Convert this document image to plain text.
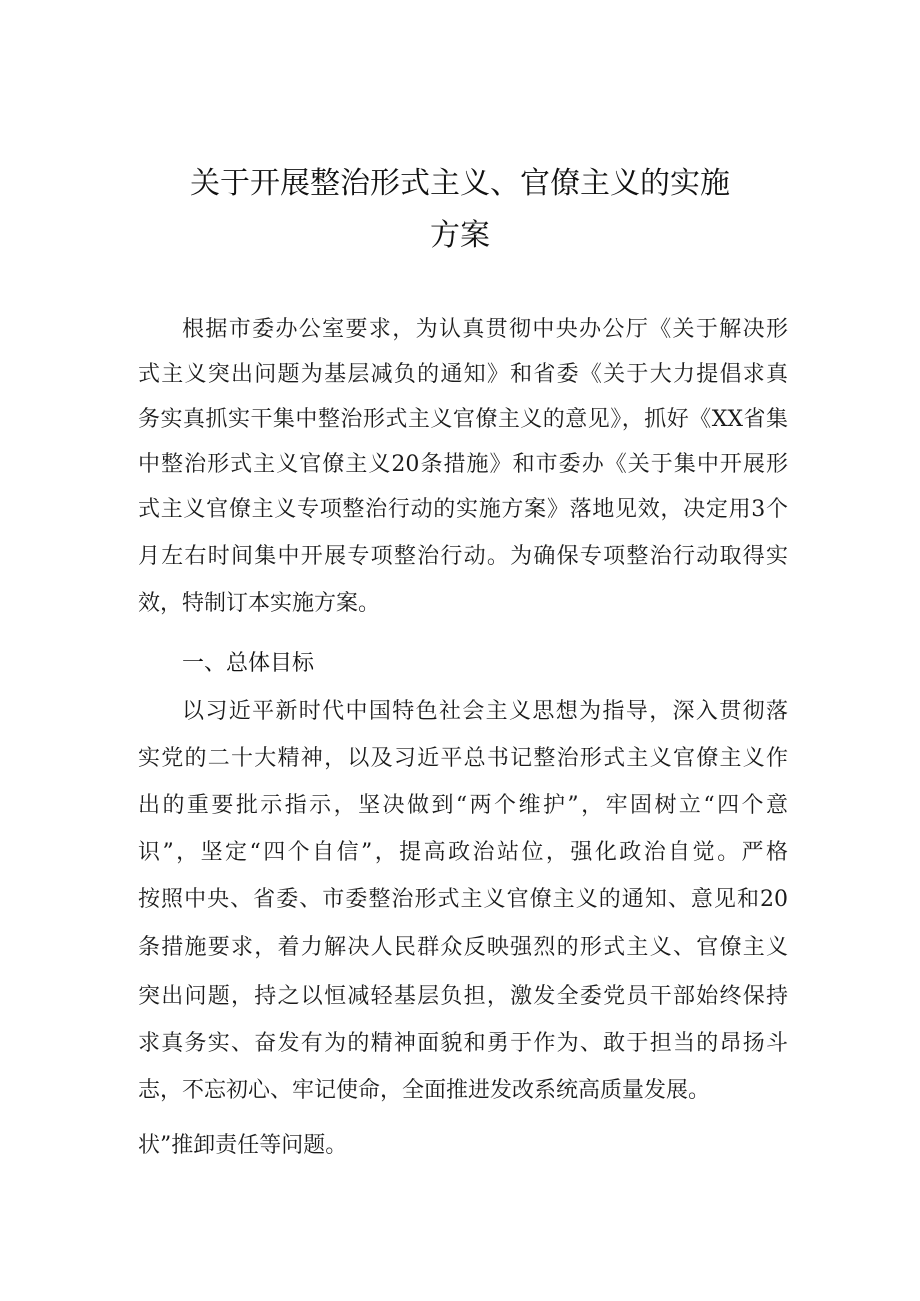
关于开展整治形式主义、官僚主义的实施
方案
根据市委办公室要求，为认真贯彻中央办公厅《关于解决形
式主义突出问题为基层减负的通知》和省委《关于大力提倡求真
务实真抓实干集中整治形式主义官僚主义的意见》，抓好《XX省集
中整治形式主义官僚主义20条措施》和市委办《关于集中开展形
式主义官僚主义专项整治行动的实施方案》落地见效，决定用3个
月左右时间集中开展专项整治行动。为确保专项整治行动取得实
效，特制订本实施方案。
一、总体目标
以习近平新时代中国特色社会主义思想为指导，深入贯彻落
实党的二十大精神，以及习近平总书记整治形式主义官僚主义作
出的重要批示指示，坚决做到“两个维护”，牢固树立“四个意
识”，坚定“四个自信”，提高政治站位，强化政治自觉。严格
按照中央、省委、市委整治形式主义官僚主义的通知、意见和20
条措施要求，着力解决人民群众反映强烈的形式主义、官僚主义
突出问题，持之以恒减轻基层负担，激发全委党员干部始终保持
求真务实、奋发有为的精神面貌和勇于作为、敢于担当的昂扬斗
志，不忘初心、牢记使命，全面推进发改系统高质量发展。
状”推卸责任等问题。
